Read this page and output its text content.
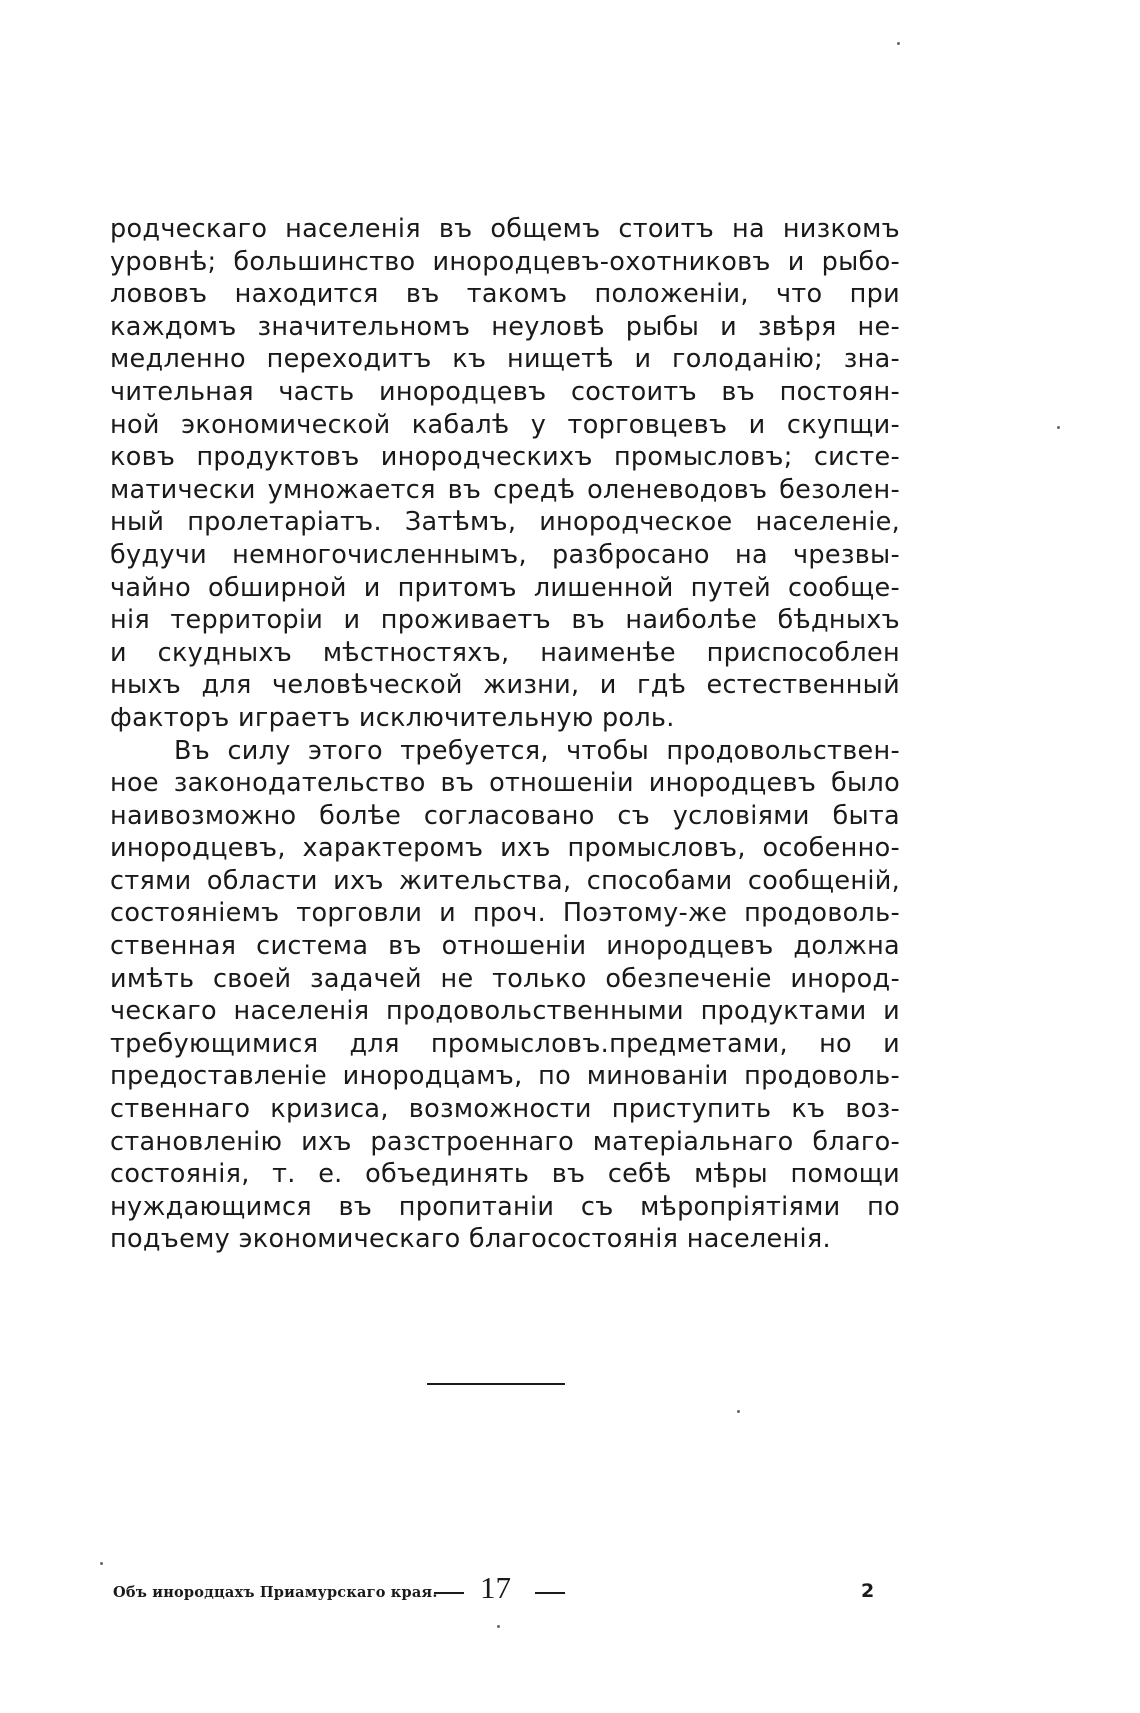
родческаго населенія въ общемъ стоитъ на низкомъ
уровнѣ; большинство инородцевъ-охотниковъ и рыбо-
лововъ находится въ такомъ положеніи, что при
каждомъ значительномъ неуловѣ рыбы и звѣря не-
медленно переходитъ къ нищетѣ и голоданію; зна-
чительная часть инородцевъ состоитъ въ постоян-
ной экономической кабалѣ у торговцевъ и скупщи-
ковъ продуктовъ инородческихъ промысловъ; систе-
матически умножается въ средѣ оленеводовъ безолен-
ный пролетаріатъ. Затѣмъ, инородческое населеніе,
будучи немногочисленнымъ, разбросано на чрезвы-
чайно обширной и притомъ лишенной путей сообще-
нія территоріи и проживаетъ въ наиболѣе бѣдныхъ
и скудныхъ мѣстностяхъ, наименѣе приспособлен
ныхъ для человѣческой жизни, и гдѣ естественный
факторъ играетъ исключительную роль.
Въ силу этого требуется, чтобы продовольствен-
ное законодательство въ отношеніи инородцевъ было
наивозможно болѣе согласовано съ условіями быта
инородцевъ, характеромъ ихъ промысловъ, особенно-
стями области ихъ жительства, способами сообщеній,
состояніемъ торговли и проч. Поэтому-же продоволь-
ственная система въ отношеніи инородцевъ должна
имѣть своей задачей не только обезпеченіе инород-
ческаго населенія продовольственными продуктами и
требующимися для промысловъ.предметами, но и
предоставленіе инородцамъ, по минованіи продоволь-
ственнаго кризиса, возможности приступить къ воз-
становленію ихъ разстроеннаго матеріальнаго благо-
состоянія, т. е. объединять въ себѣ мѣры помощи
нуждающимся въ пропитаніи съ мѣропріятіями по
подъему экономическаго благосостоянія населенія.
Объ инородцахъ Приамурскаго края. 17	2
